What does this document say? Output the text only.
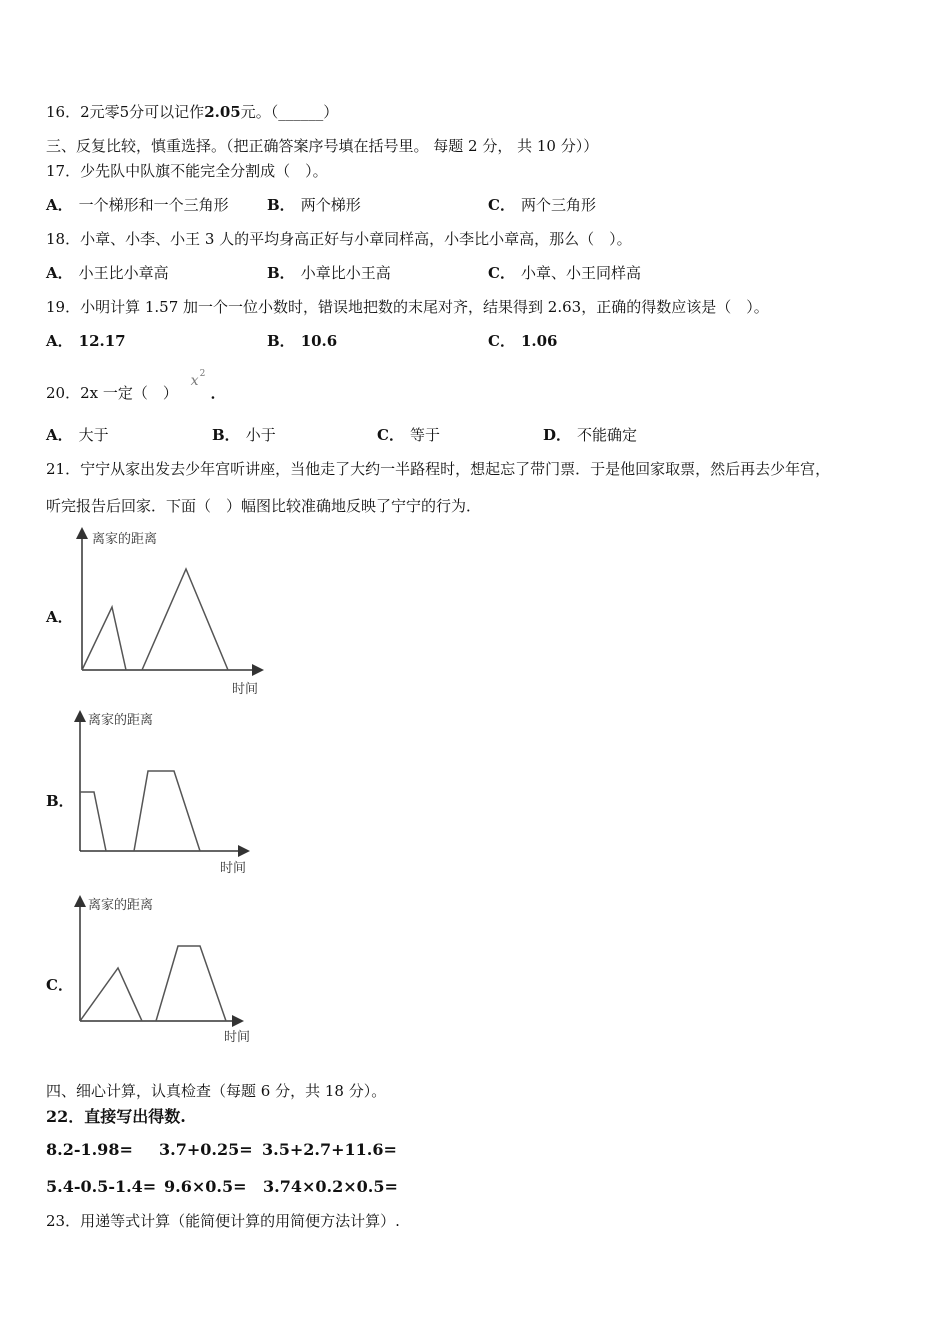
16．2元零5分可以记作2.05元。（______）
三、反复比较，慎重选择。（把正确答案序号填在括号里。 每题 2 分， 共 10 分））
17．少先队中队旗不能完全分割成（　）。
A． 一个梯形和一个三角形	B． 两个梯形	C． 两个三角形
18．小章、小李、小王 3 人的平均身高正好与小章同样高，小李比小章高，那么（　）。
A． 小王比小章高	B． 小章比小王高	C． 小章、小王同样高
19．小明计算 1.57 加一个一位小数时，错误地把数的末尾对齐，结果得到 2.63，正确的得数应该是（　）。
A． 12.17	B． 10.6	C． 1.06
20．2x 一定（　）
x 2
．
A． 大于	B． 小于	C． 等于	D． 不能确定
21．宁宁从家出发去少年宫听讲座，当他走了大约一半路程时，想起忘了带门票．于是他回家取票，然后再去少年宫，
听完报告后回家．下面（　）幅图比较准确地反映了宁宁的行为．
A．
离家的距离
时间
B．
离家的距离
时间
C．
离家的距离
时间
四、细心计算，认真检查（每题 6 分，共 18 分）。
22．直接写出得数.
8.2-1.98= 3.7+0.25= 3.5+2.7+11.6=
5.4-0.5-1.4= 9.6×0.5= 3.74×0.2×0.5=
23．用递等式计算（能简便计算的用简便方法计算）.
